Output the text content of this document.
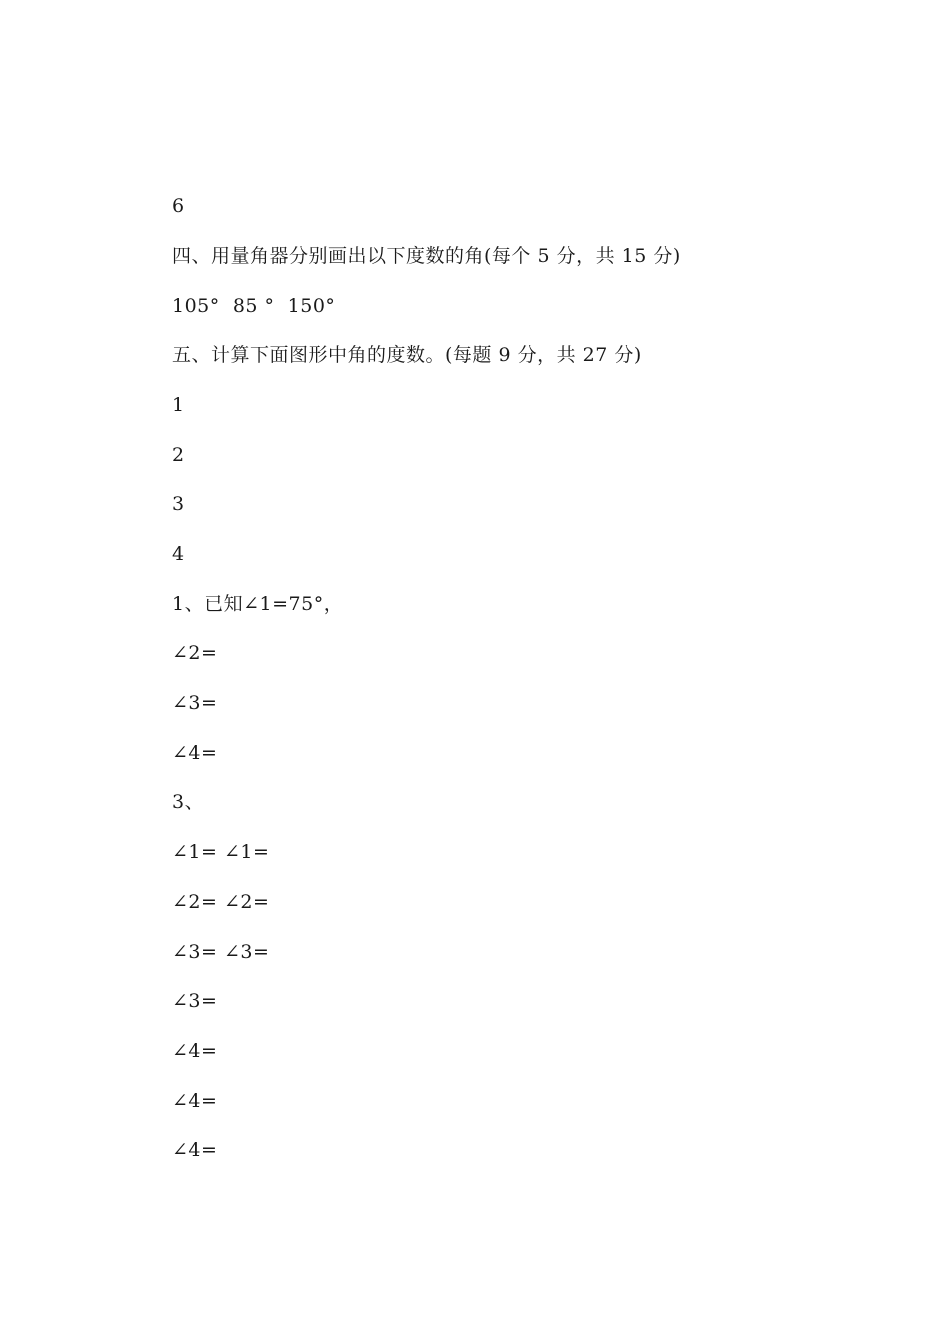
6
四、用量角器分别画出以下度数的角(每个 5 分，共 15 分)
105°  85 °  150°
五、计算下面图形中角的度数。(每题 9 分，共 27 分)
1
2
3
4
1、已知∠1=75°，
∠2=
∠3=
∠4=
3、
∠1= ∠1=
∠2= ∠2=
∠3= ∠3=
∠3=
∠4=
∠4=
∠4=
